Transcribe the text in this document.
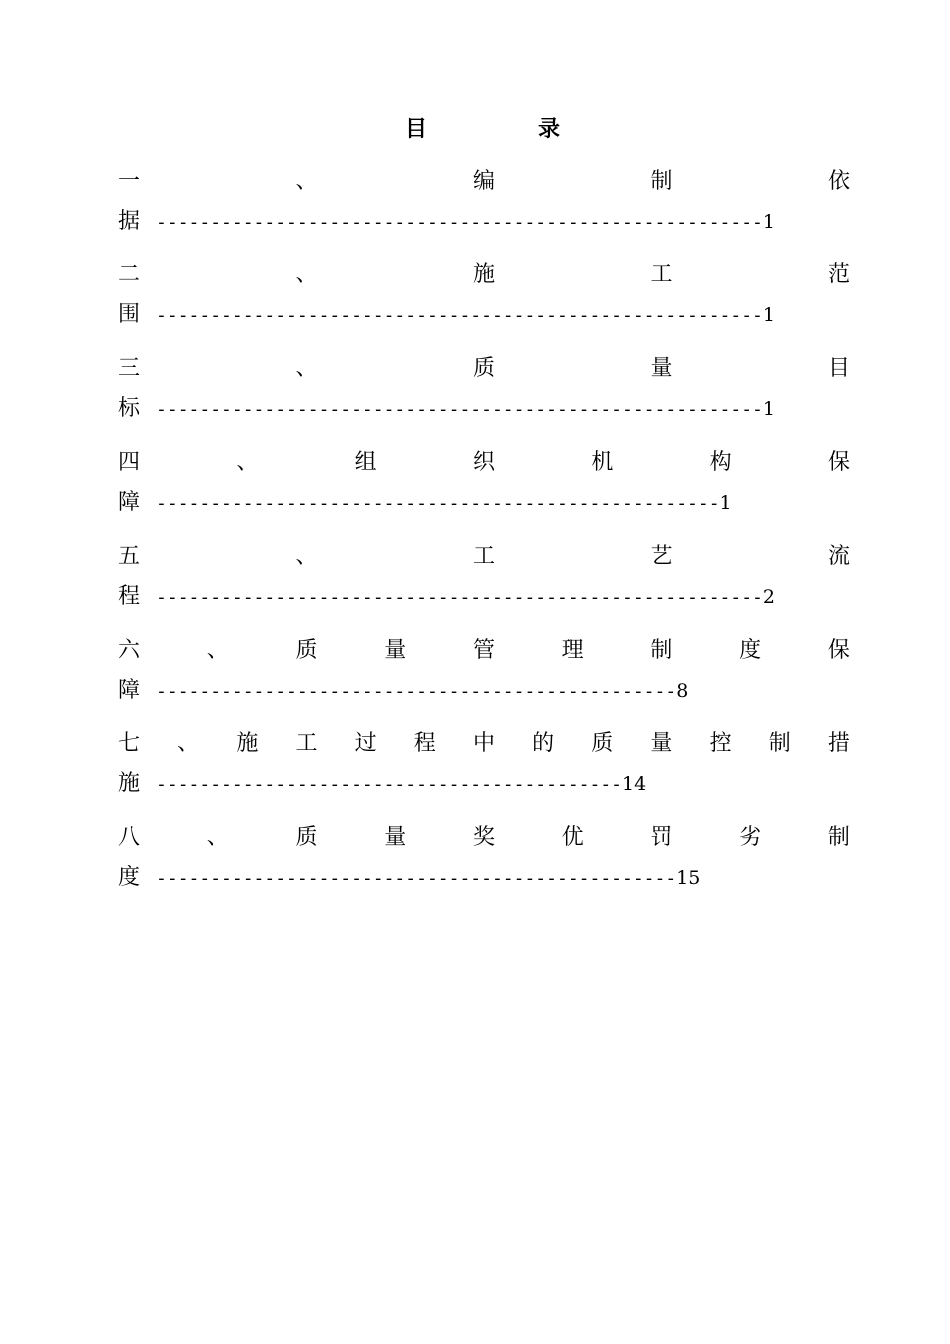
目	录
一	、	编	制	依
据 --------------------------------------------------------1
二	、	施	工	范
围 --------------------------------------------------------1
三	、	质	量	目
标 --------------------------------------------------------1
四	、	组	织	机	构	保
障 ----------------------------------------------------1
五	、	工	艺	流
程 --------------------------------------------------------2
六	、	质	量	管	理	制	度	保
障 ------------------------------------------------8
七 、 施 工 过 程 中 的 质 量 控 制 措
施 -------------------------------------------14
八	、	质	量	奖	优	罚	劣	制
度 ------------------------------------------------15
